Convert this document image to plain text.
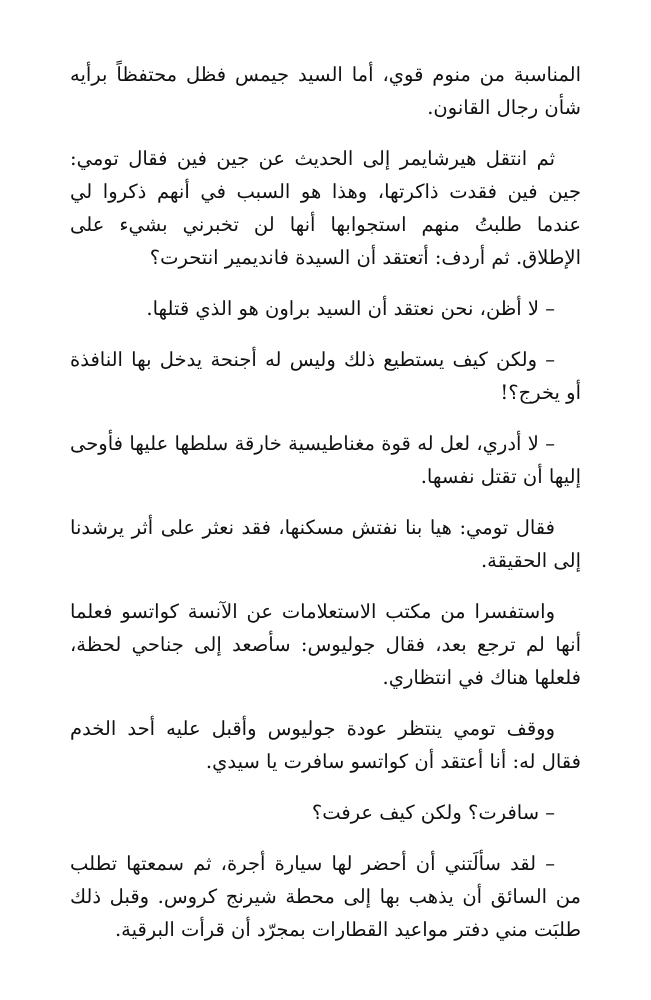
المناسبة من منوم قوي، أما السيد جيمس فظل محتفظاً برأيه شأن رجال القانون.

ثم انتقل هيرشايمر إلى الحديث عن جين فين فقال تومي: جين فين فقدت ذاكرتها، وهذا هو السبب في أنهم ذكروا لي عندما طلبتُ منهم استجوابها أنها لن تخبرني بشيء على الإطلاق. ثم أردف: أتعتقد أن السيدة فانديمير انتحرت؟

– لا أظن، نحن نعتقد أن السيد براون هو الذي قتلها.

– ولكن كيف يستطيع ذلك وليس له أجنحة يدخل بها النافذة أو يخرج؟!

– لا أدري، لعل له قوة مغناطيسية خارقة سلطها عليها فأوحى إليها أن تقتل نفسها.

فقال تومي: هيا بنا نفتش مسكنها، فقد نعثر على أثر يرشدنا إلى الحقيقة.

واستفسرا من مكتب الاستعلامات عن الآنسة كواتسو فعلما أنها لم ترجع بعد، فقال جوليوس: سأصعد إلى جناحي لحظة، فلعلها هناك في انتظاري.

ووقف تومي ينتظر عودة جوليوس وأقبل عليه أحد الخدم فقال له: أنا أعتقد أن كواتسو سافرت يا سيدي.

– سافرت؟ ولكن كيف عرفت؟

– لقد سألَتني أن أحضر لها سيارة أجرة، ثم سمعتها تطلب من السائق أن يذهب بها إلى محطة شيرنج كروس. وقبل ذلك طلبَت مني دفتر مواعيد القطارات بمجرّد أن قرأت البرقية.
